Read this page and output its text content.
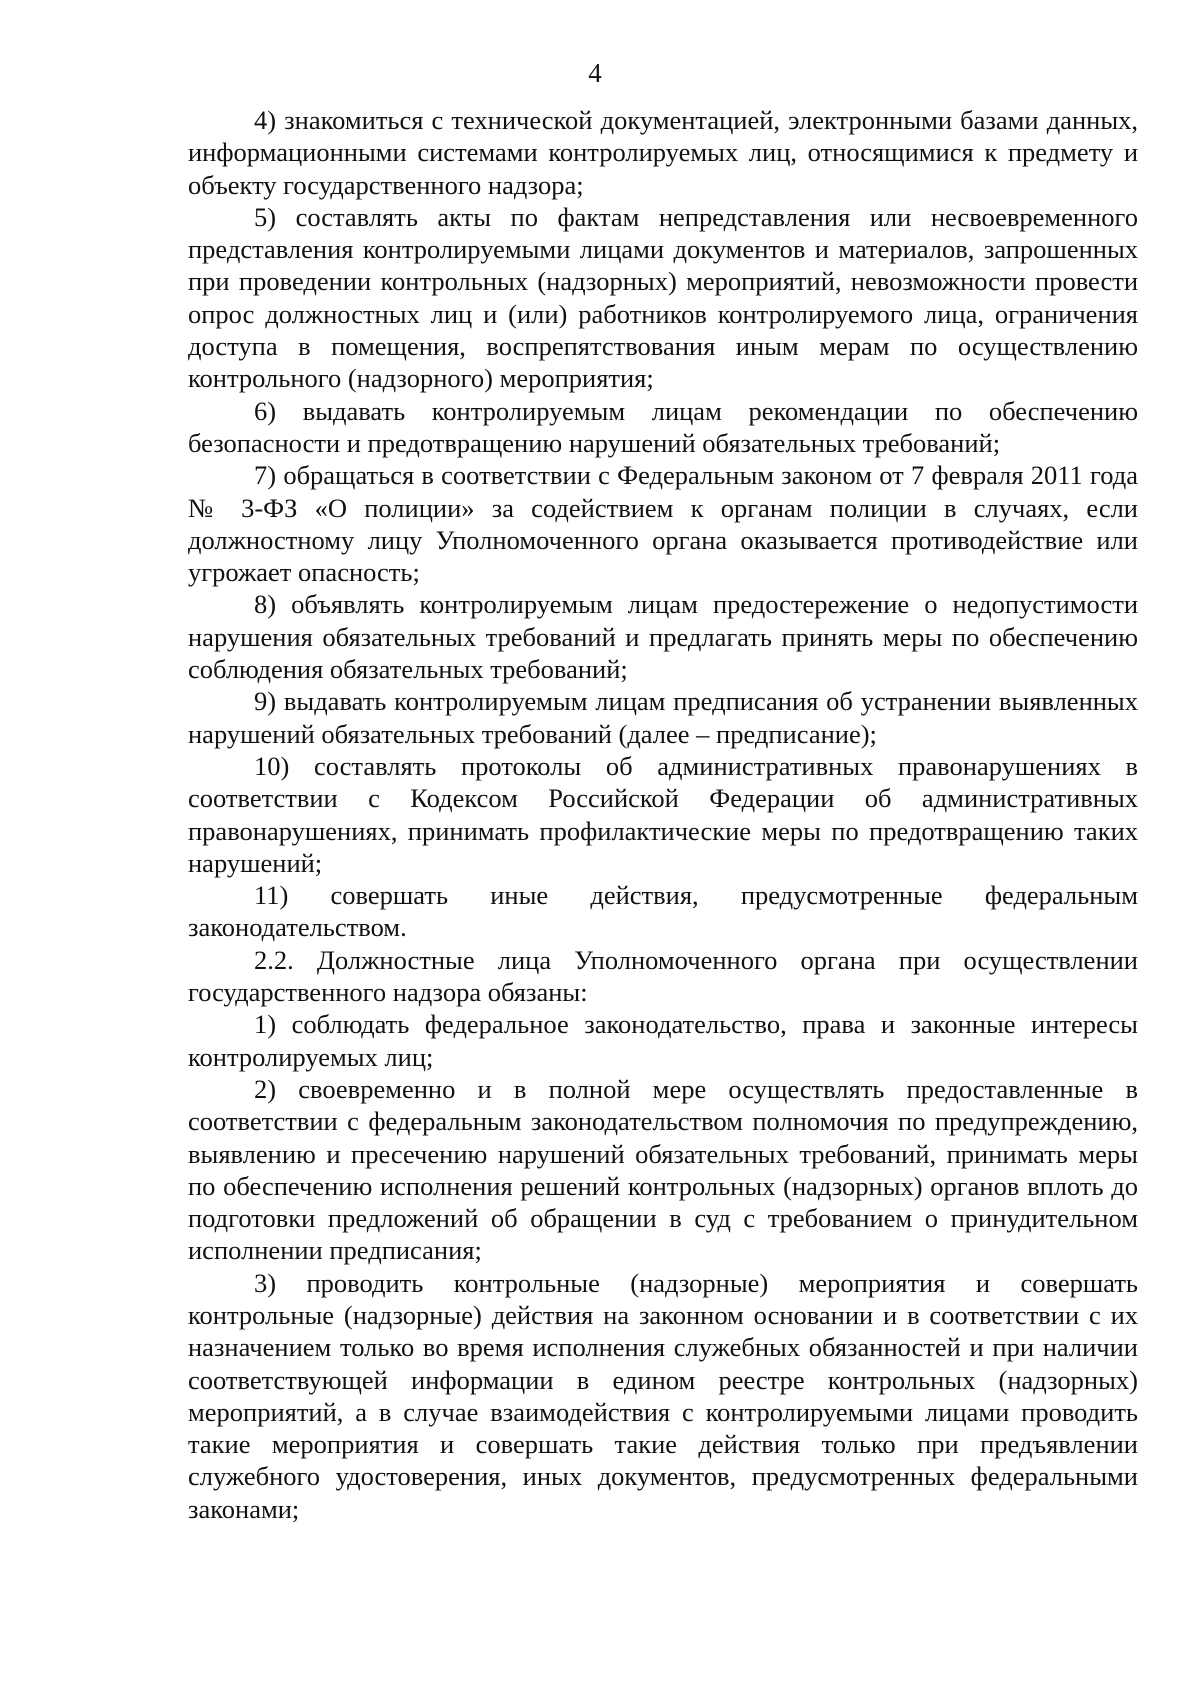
4

4) знакомиться с технической документацией, электронными базами данных, информационными системами контролируемых лиц, относящимися к предмету и объекту государственного надзора;

5) составлять акты по фактам непредставления или несвоевременного представления контролируемыми лицами документов и материалов, запрошенных при проведении контрольных (надзорных) мероприятий, невозможности провести опрос должностных лиц и (или) работников контролируемого лица, ограничения доступа в помещения, воспрепятствования иным мерам по осуществлению контрольного (надзорного) мероприятия;

6) выдавать контролируемым лицам рекомендации по обеспечению безопасности и предотвращению нарушений обязательных требований;

7) обращаться в соответствии с Федеральным законом от 7 февраля 2011 года № 3-ФЗ «О полиции» за содействием к органам полиции в случаях, если должностному лицу Уполномоченного органа оказывается противодействие или угрожает опасность;

8) объявлять контролируемым лицам предостережение о недопустимости нарушения обязательных требований и предлагать принять меры по обеспечению соблюдения обязательных требований;

9) выдавать контролируемым лицам предписания об устранении выявленных нарушений обязательных требований (далее – предписание);

10) составлять протоколы об административных правонарушениях в соответствии с Кодексом Российской Федерации об административных правонарушениях, принимать профилактические меры по предотвращению таких нарушений;

11) совершать иные действия, предусмотренные федеральным законодательством.

2.2. Должностные лица Уполномоченного органа при осуществлении государственного надзора обязаны:

1) соблюдать федеральное законодательство, права и законные интересы контролируемых лиц;

2) своевременно и в полной мере осуществлять предоставленные в соответствии с федеральным законодательством полномочия по предупреждению, выявлению и пресечению нарушений обязательных требований, принимать меры по обеспечению исполнения решений контрольных (надзорных) органов вплоть до подготовки предложений об обращении в суд с требованием о принудительном исполнении предписания;

3) проводить контрольные (надзорные) мероприятия и совершать контрольные (надзорные) действия на законном основании и в соответствии с их назначением только во время исполнения служебных обязанностей и при наличии соответствующей информации в едином реестре контрольных (надзорных) мероприятий, а в случае взаимодействия с контролируемыми лицами проводить такие мероприятия и совершать такие действия только при предъявлении служебного удостоверения, иных документов, предусмотренных федеральными законами;
